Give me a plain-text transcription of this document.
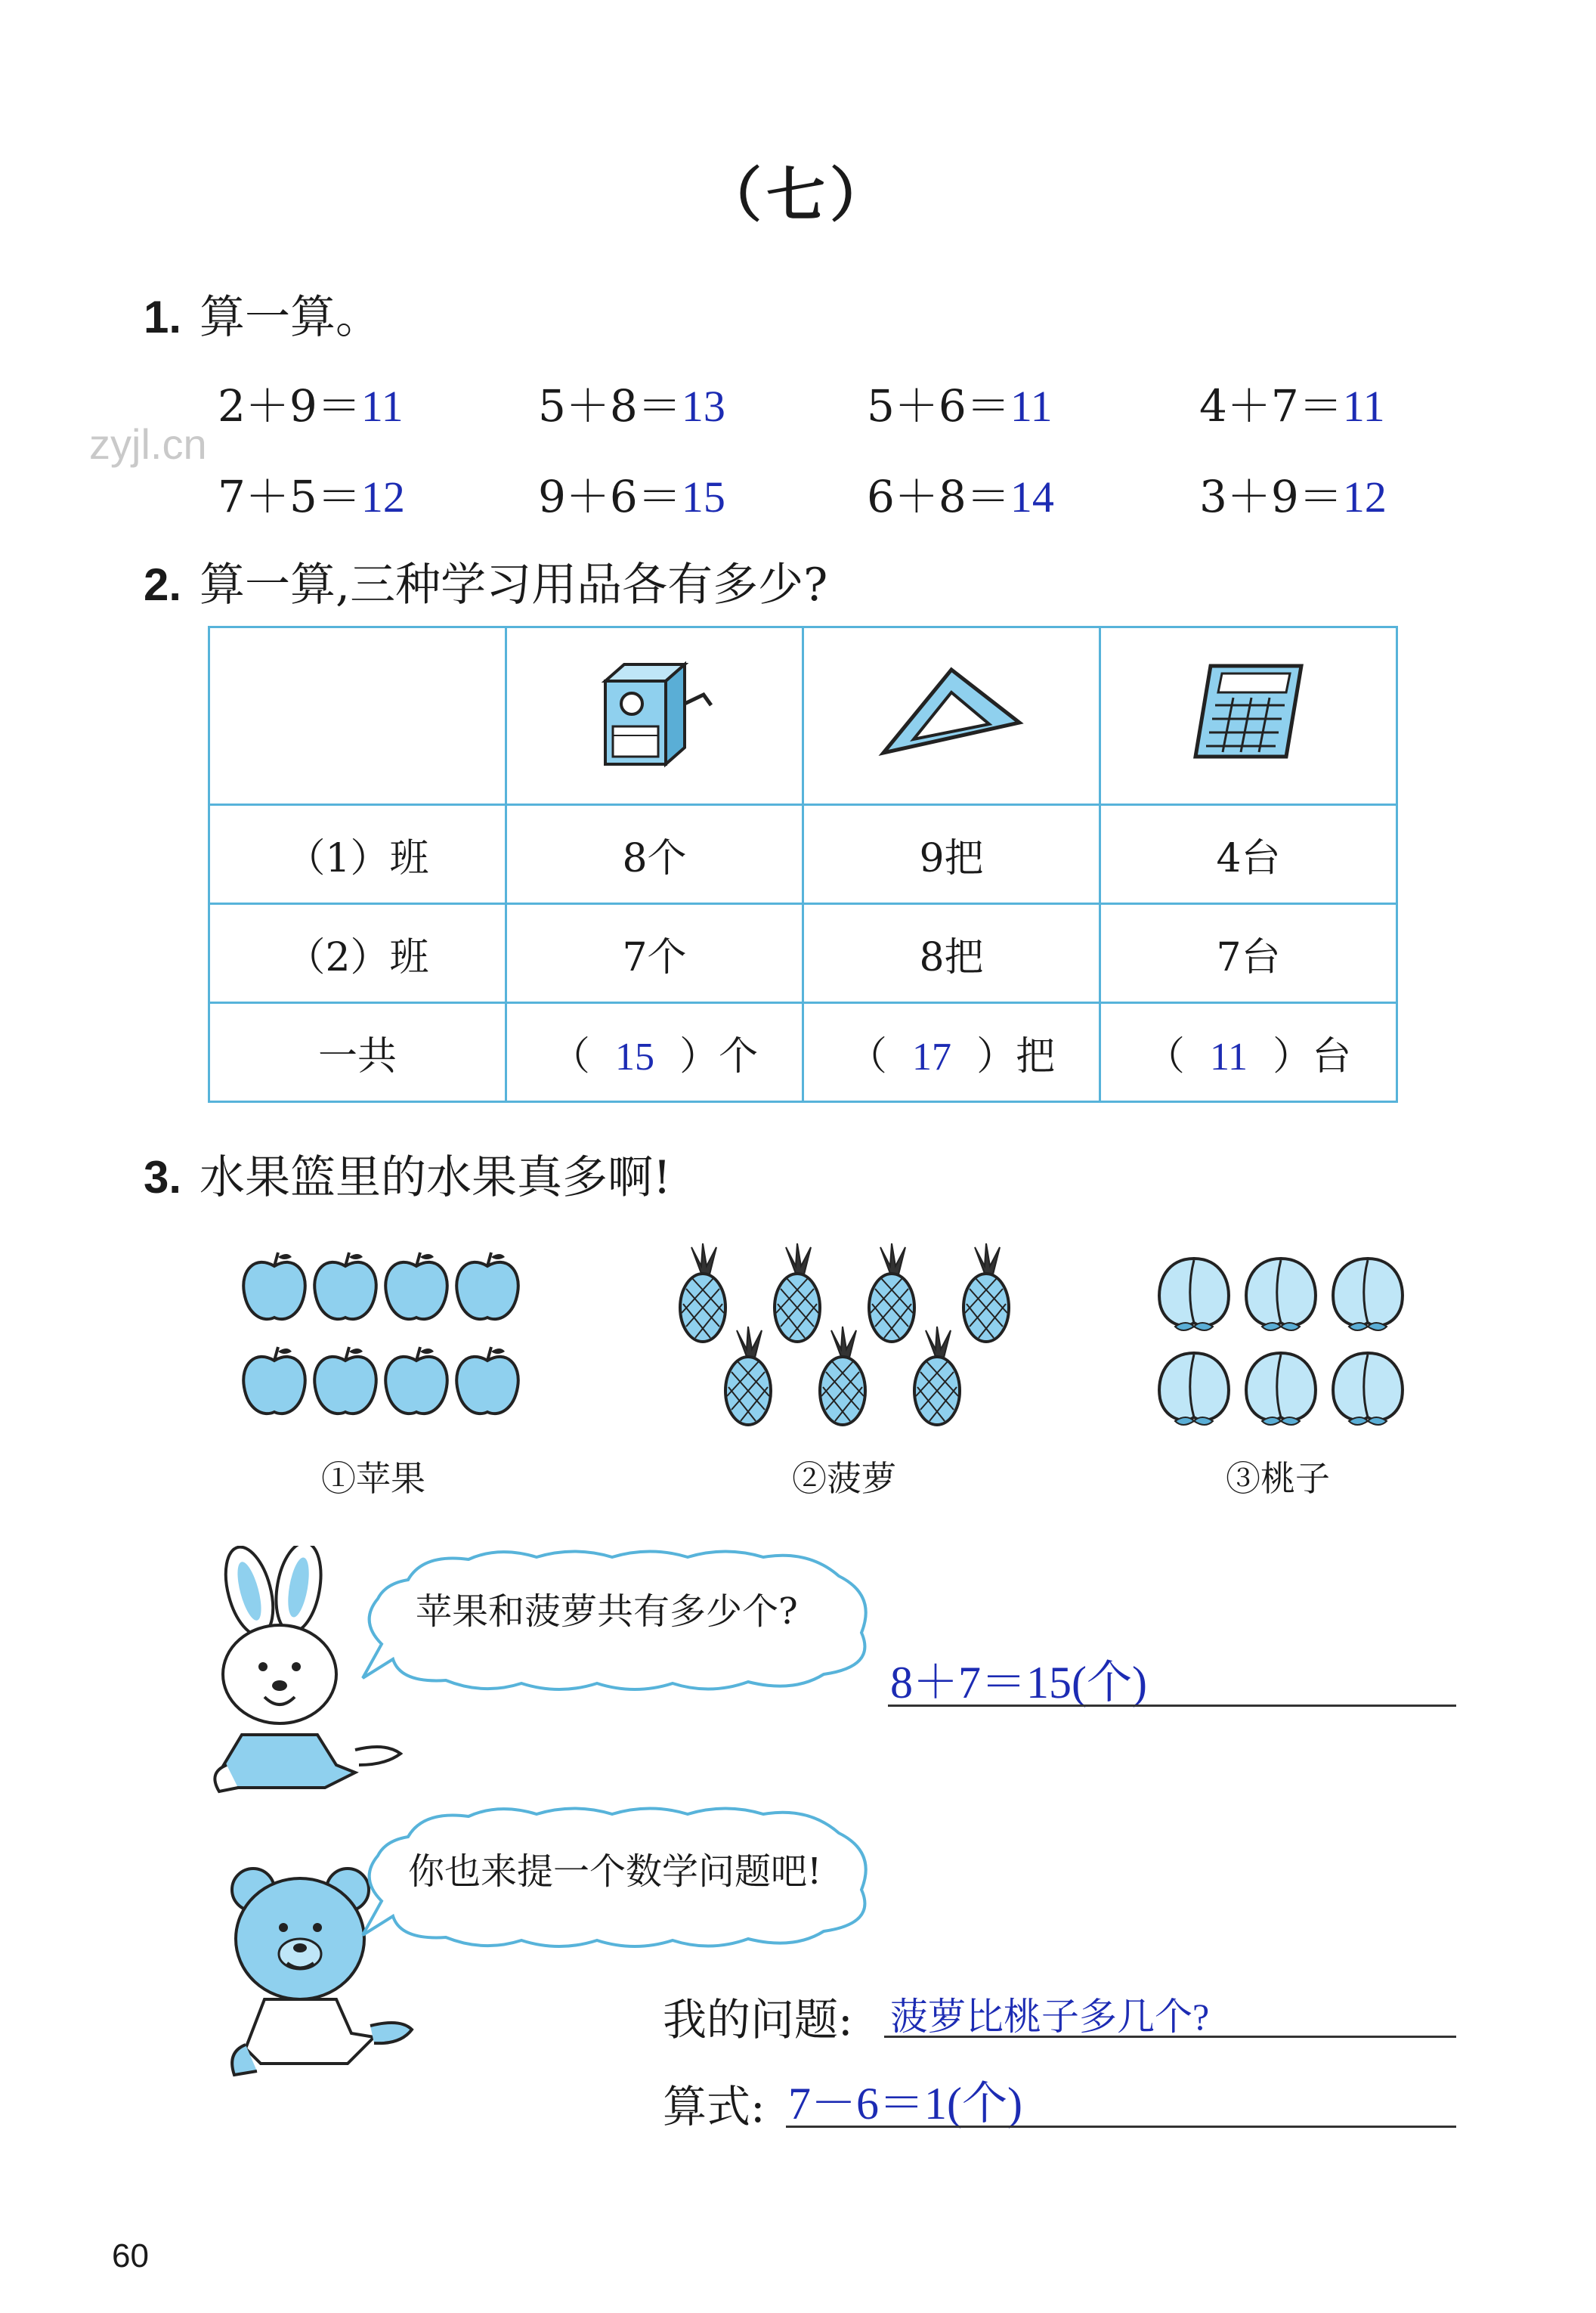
（七）
zyjl.cn
1. 算一算。
2＋9＝11	5＋8＝13	5＋6＝11	4＋7＝11
7＋5＝12	9＋6＝15	6＋8＝14	3＋9＝12
2. 算一算,三种学习用品各有多少?

（1）班	8个	9把	4台
（2）班	7个	8把	7台
一共	（ 15 ）个	（ 17 ）把	（ 11 ）台
3. 水果篮里的水果真多啊!
①苹果	②菠萝	③桃子
苹果和菠萝共有多少个?
8＋7＝15(个)
你也来提一个数学问题吧!
我的问题: 菠萝比桃子多几个?
算式: 7－6＝1(个)
60
